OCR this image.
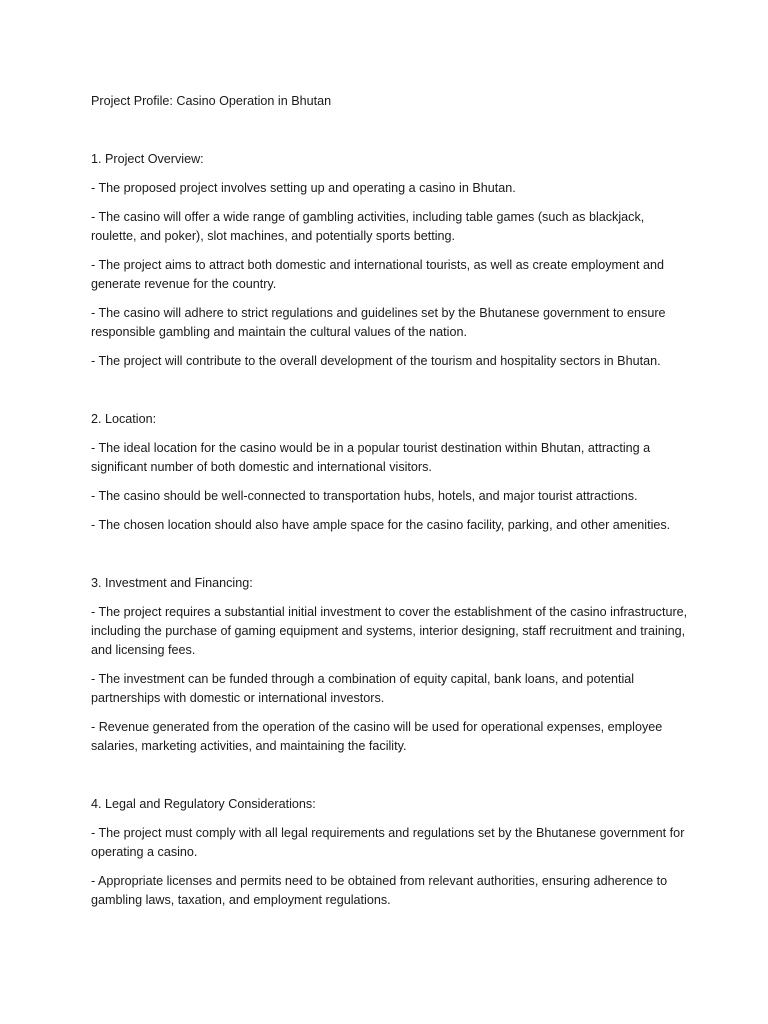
Project Profile: Casino Operation in Bhutan

1. Project Overview:

- The proposed project involves setting up and operating a casino in Bhutan.

- The casino will offer a wide range of gambling activities, including table games (such as blackjack, roulette, and poker), slot machines, and potentially sports betting.

- The project aims to attract both domestic and international tourists, as well as create employment and generate revenue for the country.

- The casino will adhere to strict regulations and guidelines set by the Bhutanese government to ensure responsible gambling and maintain the cultural values of the nation.

- The project will contribute to the overall development of the tourism and hospitality sectors in Bhutan.

2. Location:

- The ideal location for the casino would be in a popular tourist destination within Bhutan, attracting a significant number of both domestic and international visitors.

- The casino should be well-connected to transportation hubs, hotels, and major tourist attractions.

- The chosen location should also have ample space for the casino facility, parking, and other amenities.

3. Investment and Financing:

- The project requires a substantial initial investment to cover the establishment of the casino infrastructure, including the purchase of gaming equipment and systems, interior designing, staff recruitment and training, and licensing fees.

- The investment can be funded through a combination of equity capital, bank loans, and potential partnerships with domestic or international investors.

- Revenue generated from the operation of the casino will be used for operational expenses, employee salaries, marketing activities, and maintaining the facility.

4. Legal and Regulatory Considerations:

- The project must comply with all legal requirements and regulations set by the Bhutanese government for operating a casino.

- Appropriate licenses and permits need to be obtained from relevant authorities, ensuring adherence to gambling laws, taxation, and employment regulations.
